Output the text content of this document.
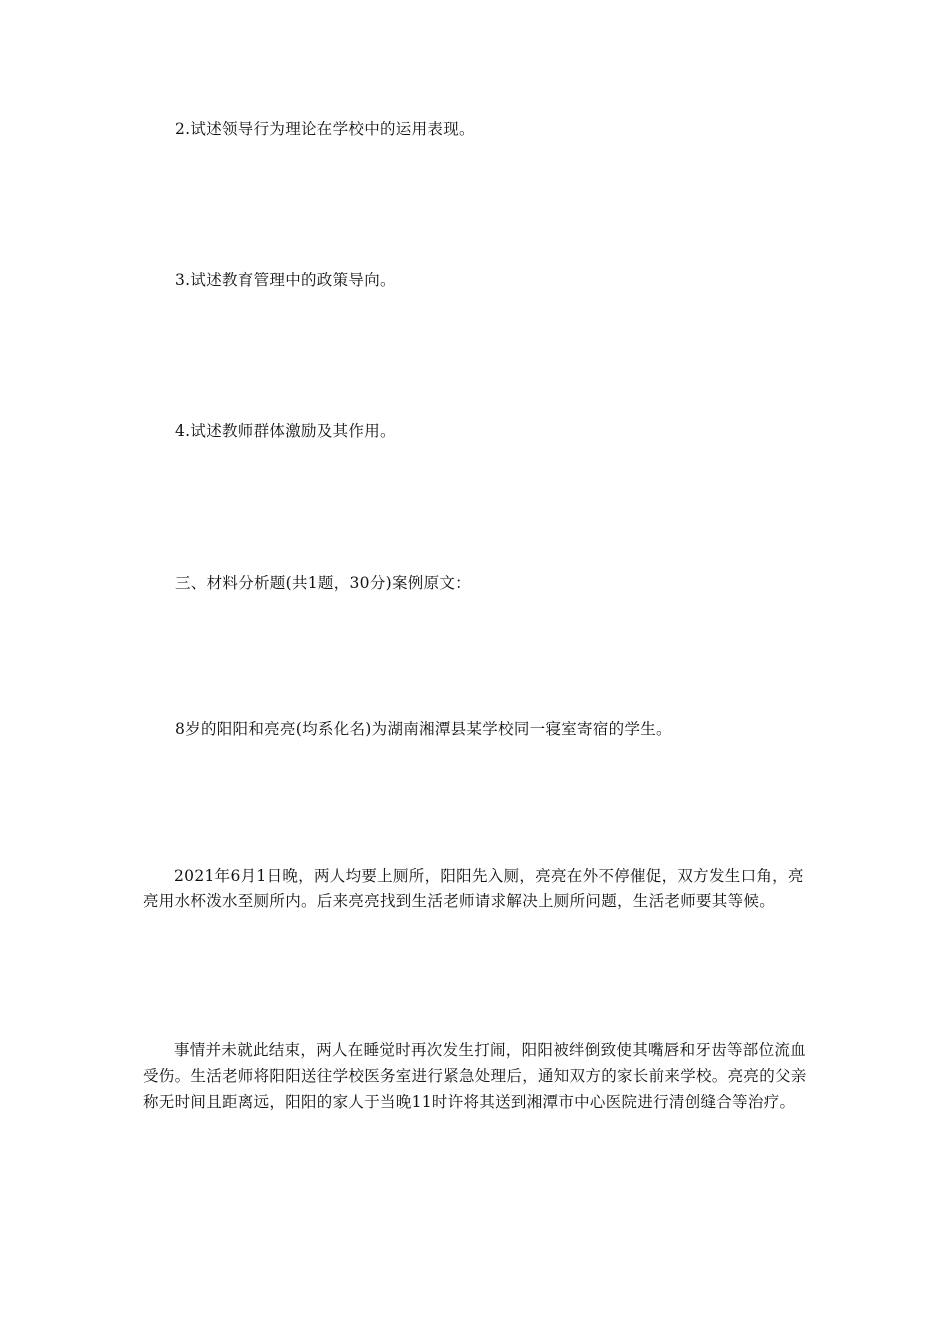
2.试述领导行为理论在学校中的运用表现。

3.试述教育管理中的政策导向。

4.试述教师群体激励及其作用。

三、材料分析题(共1题，30分)案例原文：

8岁的阳阳和亮亮(均系化名)为湖南湘潭县某学校同一寝室寄宿的学生。

2021年6月1日晚，两人均要上厕所，阳阳先入厕，亮亮在外不停催促，双方发生口角，亮亮用水杯泼水至厕所内。后来亮亮找到生活老师请求解决上厕所问题，生活老师要其等候。

事情并未就此结束，两人在睡觉时再次发生打闹，阳阳被绊倒致使其嘴唇和牙齿等部位流血受伤。生活老师将阳阳送往学校医务室进行紧急处理后，通知双方的家长前来学校。亮亮的父亲称无时间且距离远，阳阳的家人于当晚11时许将其送到湘潭市中心医院进行清创缝合等治疗。
